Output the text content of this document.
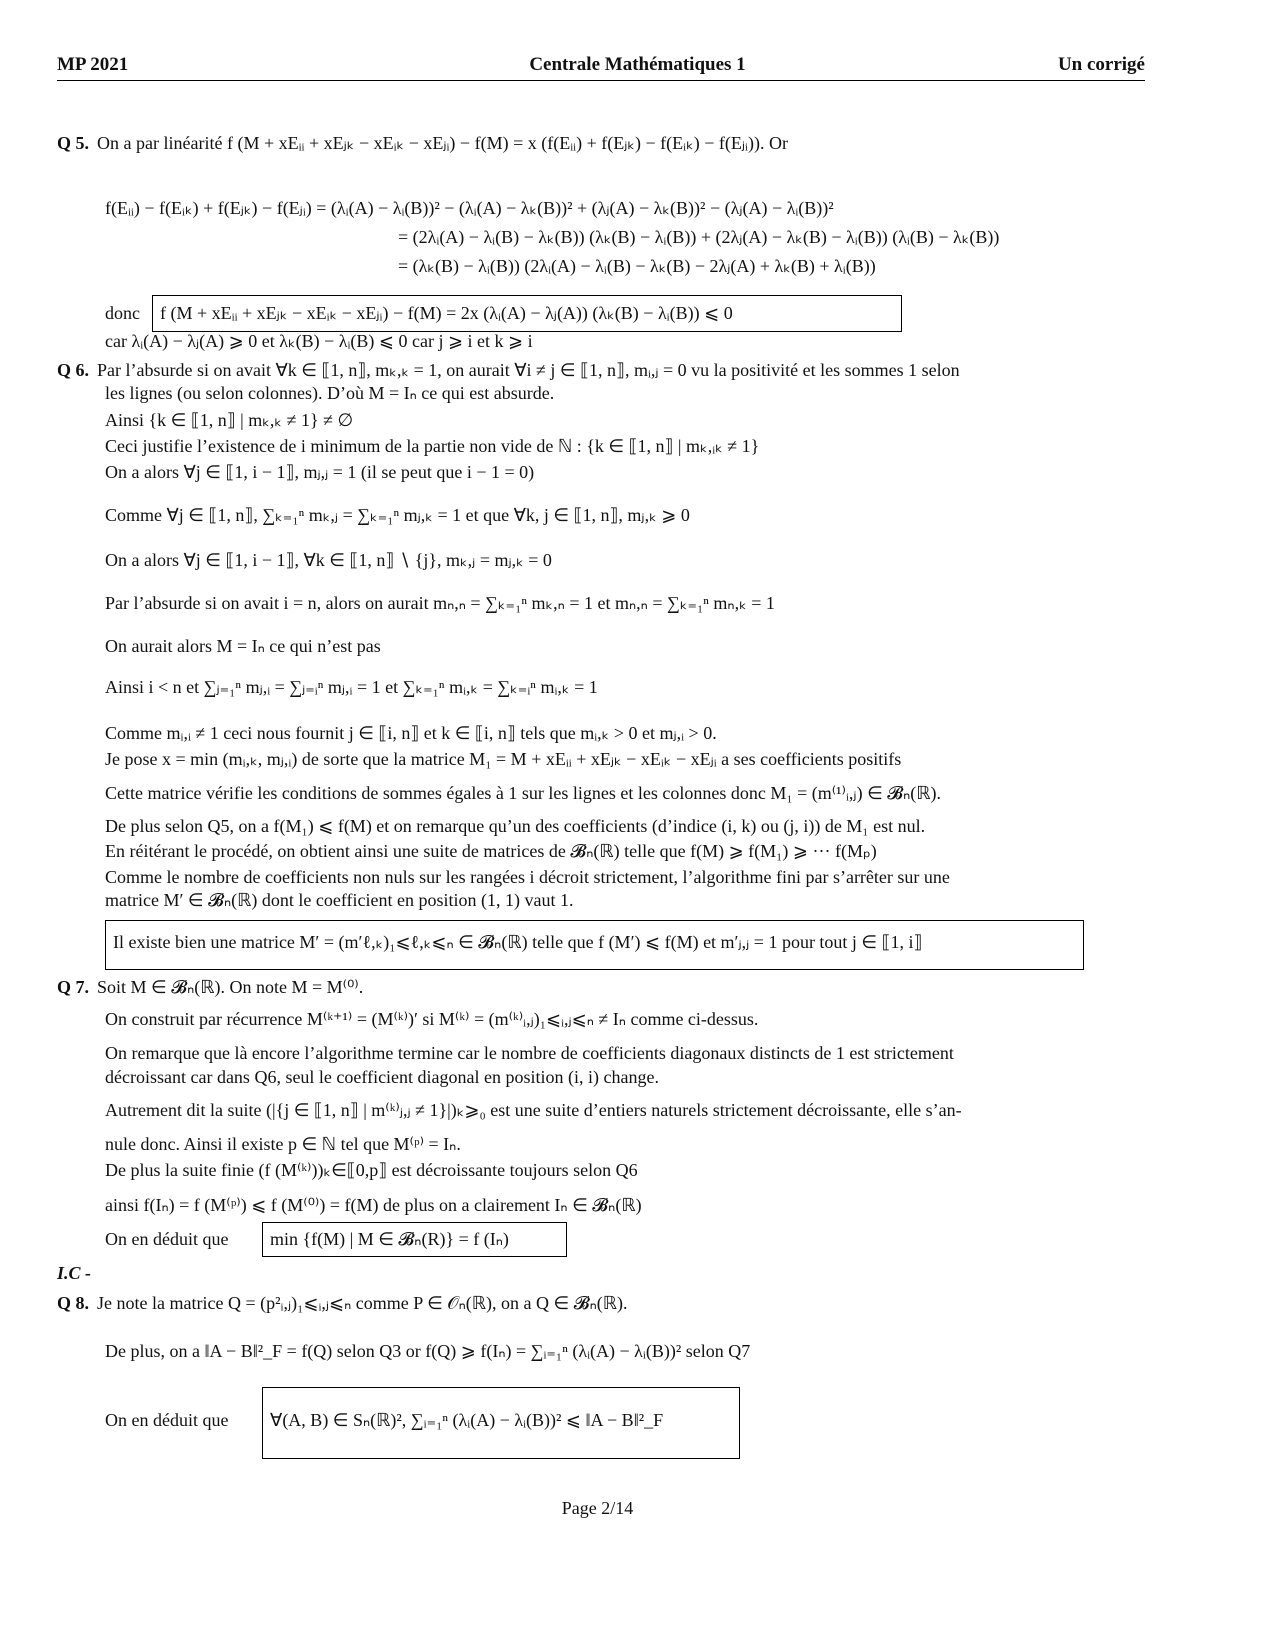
MP 2021	Centrale Mathématiques 1	Un corrigé
Q 5. On a par linéarité f (M + xEᵢᵢ + xEⱼₖ − xEᵢₖ − xEⱼᵢ) − f(M) = x (f(Eᵢᵢ) + f(Eⱼₖ) − f(Eᵢₖ) − f(Eⱼᵢ)). Or
f(Eᵢᵢ) − f(Eᵢₖ) + f(Eⱼₖ) − f(Eⱼᵢ) = (λᵢ(A) − λᵢ(B))² − (λᵢ(A) − λₖ(B))² + (λⱼ(A) − λₖ(B))² − (λⱼ(A) − λᵢ(B))²
= (2λᵢ(A) − λᵢ(B) − λₖ(B)) (λₖ(B) − λᵢ(B)) + (2λⱼ(A) − λₖ(B) − λᵢ(B)) (λᵢ(B) − λₖ(B))
= (λₖ(B) − λᵢ(B)) (2λᵢ(A) − λᵢ(B) − λₖ(B) − 2λⱼ(A) + λₖ(B) + λᵢ(B))
donc f (M + xEᵢᵢ + xEⱼₖ − xEᵢₖ − xEⱼᵢ) − f(M) = 2x (λᵢ(A) − λⱼ(A)) (λₖ(B) − λᵢ(B)) ⩽ 0
car λᵢ(A) − λⱼ(A) ⩾ 0 et λₖ(B) − λᵢ(B) ⩽ 0 car j ⩾ i et k ⩾ i
Q 6. Par l’absurde si on avait ∀k ∈ ⟦1, n⟧, mₖ,ₖ = 1, on aurait ∀i ≠ j ∈ ⟦1, n⟧, mᵢ,ⱼ = 0 vu la positivité et les sommes 1 selon
les lignes (ou selon colonnes). D’où M = Iₙ ce qui est absurde.
Ainsi {k ∈ ⟦1, n⟧ | mₖ,ₖ ≠ 1} ≠ ∅
Ceci justifie l’existence de i minimum de la partie non vide de ℕ : {k ∈ ⟦1, n⟧ | mₖ,ᵢₖ ≠ 1}
On a alors ∀j ∈ ⟦1, i − 1⟧, mⱼ,ⱼ = 1 (il se peut que i − 1 = 0)
Comme ∀j ∈ ⟦1, n⟧, ∑ₖ₌₁ⁿ mₖ,ⱼ = ∑ₖ₌₁ⁿ mⱼ,ₖ = 1 et que ∀k, j ∈ ⟦1, n⟧, mⱼ,ₖ ⩾ 0
On a alors ∀j ∈ ⟦1, i − 1⟧, ∀k ∈ ⟦1, n⟧ ∖ {j}, mₖ,ⱼ = mⱼ,ₖ = 0
Par l’absurde si on avait i = n, alors on aurait mₙ,ₙ = ∑ₖ₌₁ⁿ mₖ,ₙ = 1 et mₙ,ₙ = ∑ₖ₌₁ⁿ mₙ,ₖ = 1
On aurait alors M = Iₙ ce qui n’est pas
Ainsi i < n et ∑ⱼ₌₁ⁿ mⱼ,ᵢ = ∑ⱼ₌ᵢⁿ mⱼ,ᵢ = 1 et ∑ₖ₌₁ⁿ mᵢ,ₖ = ∑ₖ₌ᵢⁿ mᵢ,ₖ = 1
Comme mᵢ,ᵢ ≠ 1 ceci nous fournit j ∈ ⟦i, n⟧ et k ∈ ⟦i, n⟧ tels que mᵢ,ₖ > 0 et mⱼ,ᵢ > 0.
Je pose x = min (mᵢ,ₖ, mⱼ,ᵢ) de sorte que la matrice M₁ = M + xEᵢᵢ + xEⱼₖ − xEᵢₖ − xEⱼᵢ a ses coefficients positifs
Cette matrice vérifie les conditions de sommes égales à 1 sur les lignes et les colonnes donc M₁ = (m⁽¹⁾ᵢ,ⱼ) ∈ 𝓑ₙ(ℝ).
De plus selon Q5, on a f(M₁) ⩽ f(M) et on remarque qu’un des coefficients (d’indice (i, k) ou (j, i)) de M₁ est nul.
En réitérant le procédé, on obtient ainsi une suite de matrices de 𝓑ₙ(ℝ) telle que f(M) ⩾ f(M₁) ⩾ ··· f(Mₚ)
Comme le nombre de coefficients non nuls sur les rangées i décroit strictement, l’algorithme fini par s’arrêter sur une
matrice M′ ∈ 𝓑ₙ(ℝ) dont le coefficient en position (1, 1) vaut 1.
Il existe bien une matrice M′ = (m′ℓ,ₖ)₁⩽ℓ,ₖ⩽ₙ ∈ 𝓑ₙ(ℝ) telle que f (M′) ⩽ f(M) et m′ⱼ,ⱼ = 1 pour tout j ∈ ⟦1, i⟧
Q 7. Soit M ∈ 𝓑ₙ(ℝ). On note M = M⁽⁰⁾.
On construit par récurrence M⁽ᵏ⁺¹⁾ = (M⁽ᵏ⁾)′ si M⁽ᵏ⁾ = (m⁽ᵏ⁾ᵢ,ⱼ)₁⩽ᵢ,ⱼ⩽ₙ ≠ Iₙ comme ci-dessus.
On remarque que là encore l’algorithme termine car le nombre de coefficients diagonaux distincts de 1 est strictement
décroissant car dans Q6, seul le coefficient diagonal en position (i, i) change.
Autrement dit la suite (|{j ∈ ⟦1, n⟧ | m⁽ᵏ⁾ⱼ,ⱼ ≠ 1}|)ₖ⩾₀ est une suite d’entiers naturels strictement décroissante, elle s’an-
nule donc. Ainsi il existe p ∈ ℕ tel que M⁽ᵖ⁾ = Iₙ.
De plus la suite finie (f (M⁽ᵏ⁾))ₖ∈⟦0,p⟧ est décroissante toujours selon Q6
ainsi f(Iₙ) = f (M⁽ᵖ⁾) ⩽ f (M⁽⁰⁾) = f(M) de plus on a clairement Iₙ ∈ 𝓑ₙ(ℝ)
On en déduit que min {f(M) | M ∈ 𝓑ₙ(R)} = f (Iₙ)
I.C -
Q 8. Je note la matrice Q = (p²ᵢ,ⱼ)₁⩽ᵢ,ⱼ⩽ₙ comme P ∈ 𝒪ₙ(ℝ), on a Q ∈ 𝓑ₙ(ℝ).
De plus, on a ‖A − B‖²_F = f(Q) selon Q3 or f(Q) ⩾ f(Iₙ) = ∑ᵢ₌₁ⁿ (λᵢ(A) − λᵢ(B))² selon Q7
On en déduit que ∀(A, B) ∈ Sₙ(ℝ)², ∑ᵢ₌₁ⁿ (λᵢ(A) − λᵢ(B))² ⩽ ‖A − B‖²_F
Page 2/14
